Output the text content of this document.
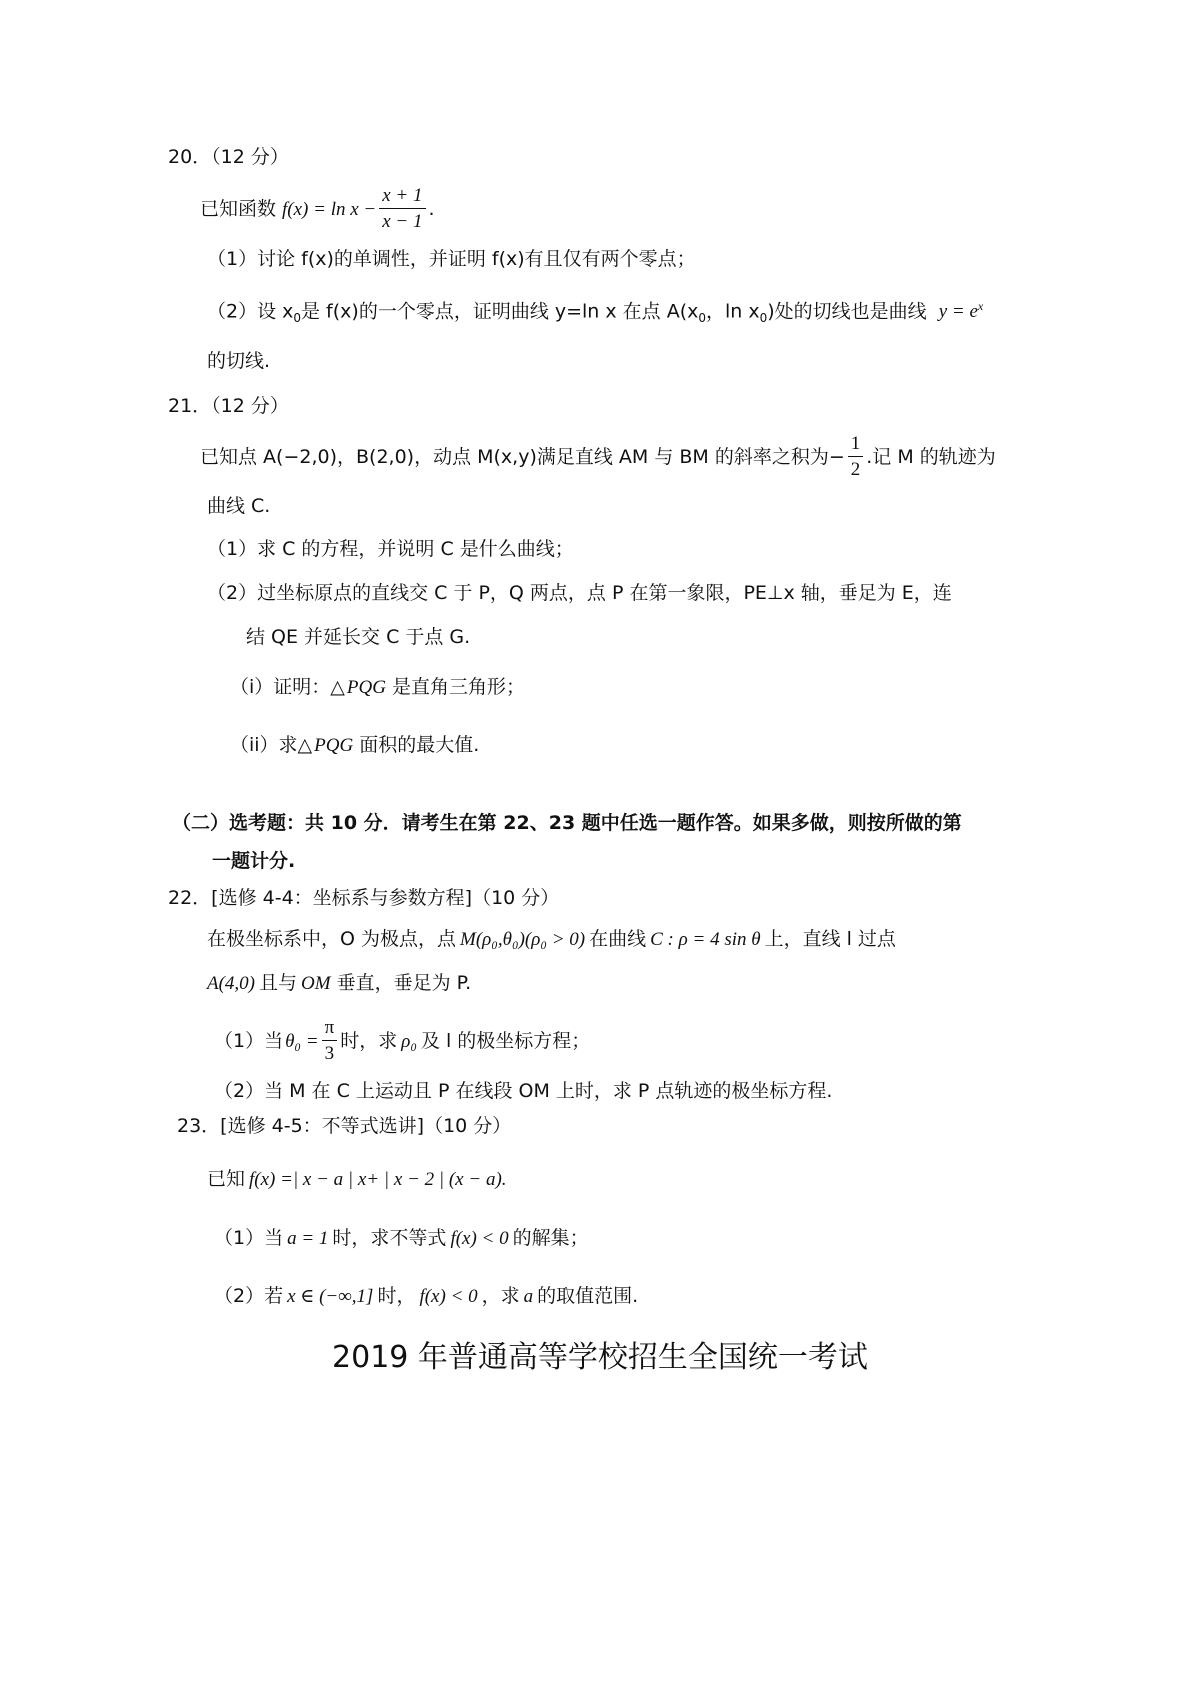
20．（12 分）
已知函数 $f(x) = \ln x - \frac{x + 1}{x - 1}$ .
（1）讨论 f(x)的单调性，并证明 f(x)有且仅有两个零点；
（2）设 $x_0$是 f(x)的一个零点，证明曲线 y=ln x 在点 $A(x_0$，$\ln x_0$)处的切线也是曲线 $y = e^x$
的切线.
21．（12 分）
已知点 A(−2,0)，B(2,0)，动点 M(x,y)满足直线 AM 与 BM 的斜率之积为− $\frac{1}{2}$ .记 M 的轨迹为
曲线 C.
（1）求 C 的方程，并说明 C 是什么曲线；
（2）过坐标原点的直线交 C 于 P，Q 两点，点 P 在第一象限，PE⊥x 轴，垂足为 E，连
结 QE 并延长交 C 于点 G.
（i）证明：△ PQG 是直角三角形；
（ii）求△ PQG 面积的最大值.
（二）选考题：共 10 分．请考生在第 22、23 题中任选一题作答。如果多做，则按所做的第
一题计分.
22．[选修 4-4：坐标系与参数方程]（10 分）
在极坐标系中，O 为极点，点 M(ρ₀,θ₀)(ρ₀ > 0) 在曲线 C : ρ = 4 sin θ 上，直线 l 过点
A(4,0) 且与 OM 垂直，垂足为 P.
（1）当 $\theta_0 = \frac{\pi}{3}$ 时，求 ρ₀ 及 l 的极坐标方程；
（2）当 M 在 C 上运动且 P 在线段 OM 上时，求 P 点轨迹的极坐标方程.
23．[选修 4-5：不等式选讲]（10 分）
已知 f(x) =| x − a | x+ | x − 2 | (x − a).
（1）当 a = 1 时，求不等式 f(x) < 0 的解集；
（2）若 x ∈ (−∞,1] 时， f(x) < 0 ，求 a 的取值范围.
2019 年普通高等学校招生全国统一考试
